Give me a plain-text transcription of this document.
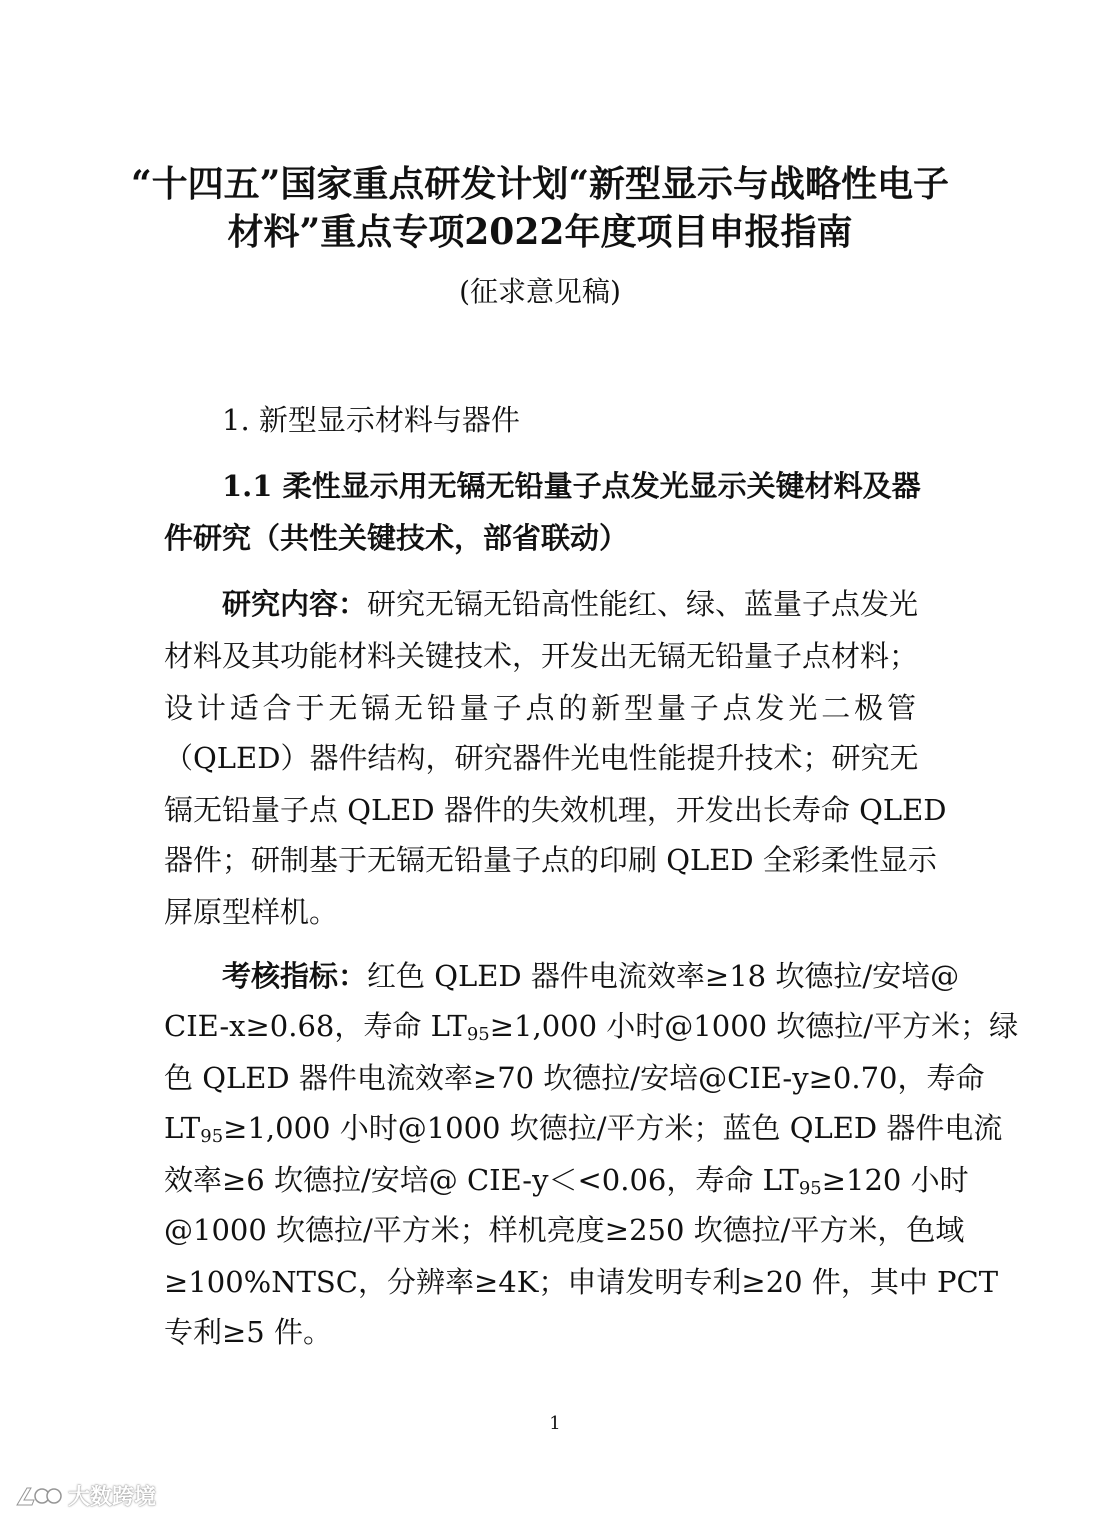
“十四五”国家重点研发计划“新型显示与战略性电子
材料”重点专项2022年度项目申报指南
(征求意见稿)
1. 新型显示材料与器件
1.1 柔性显示用无镉无铅量子点发光显示关键材料及器
件研究（共性关键技术，部省联动）
研究内容：研究无镉无铅高性能红、绿、蓝量子点发光
材料及其功能材料关键技术，开发出无镉无铅量子点材料；
设计适合于无镉无铅量子点的新型量子点发光二极管
（QLED）器件结构，研究器件光电性能提升技术；研究无
镉无铅量子点 QLED 器件的失效机理，开发出长寿命 QLED
器件；研制基于无镉无铅量子点的印刷 QLED 全彩柔性显示
屏原型样机。
考核指标：红色 QLED 器件电流效率≥18 坎德拉/安培@
CIE-x≥0.68，寿命 $LT_{95}\ge 1,000$ 小时@1000 坎德拉/平方米；绿
色 QLED 器件电流效率≥70 坎德拉/安培@CIE-y≥0.70，寿命
$LT_{95}\ge 1,000$ 小时@1000 坎德拉/平方米；蓝色 QLED 器件电流
效率≥6 坎德拉/安培@ CIE-y＜<0.06，寿命 $LT_{95}\ge 120$ 小时
@1000 坎德拉/平方米；样机亮度≥250 坎德拉/平方米，色域
≥100%NTSC，分辨率≥4K；申请发明专利≥20 件，其中 PCT
专利≥5 件。
1
大数跨境
